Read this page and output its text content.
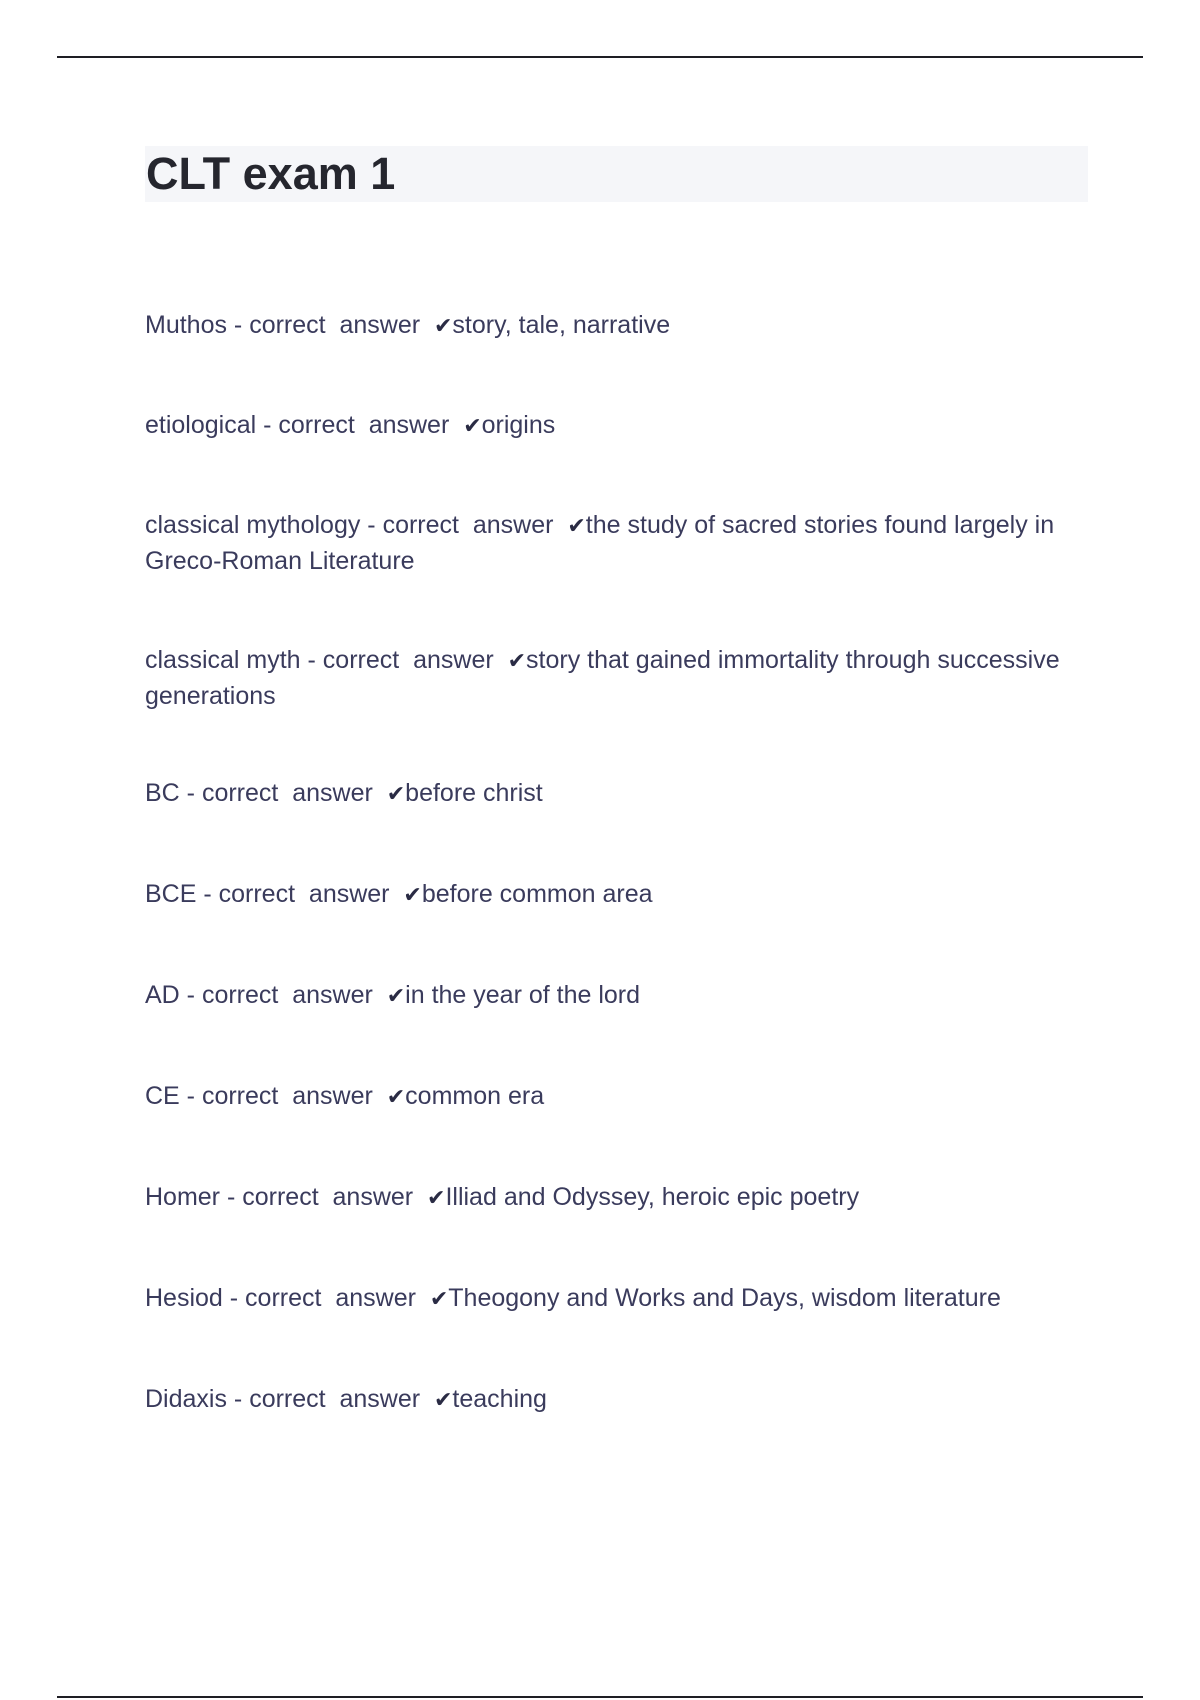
CLT exam 1
Muthos - correct  answer  ✔story, tale, narrative
etiological - correct  answer  ✔origins
classical mythology - correct  answer  ✔the study of sacred stories found largely in Greco-Roman Literature
classical myth - correct  answer  ✔story that gained immortality through successive generations
BC - correct  answer  ✔before christ
BCE - correct  answer  ✔before common area
AD - correct  answer  ✔in the year of the lord
CE - correct  answer  ✔common era
Homer - correct  answer  ✔Illiad and Odyssey, heroic epic poetry
Hesiod - correct  answer  ✔Theogony and Works and Days, wisdom literature
Didaxis - correct  answer  ✔teaching
